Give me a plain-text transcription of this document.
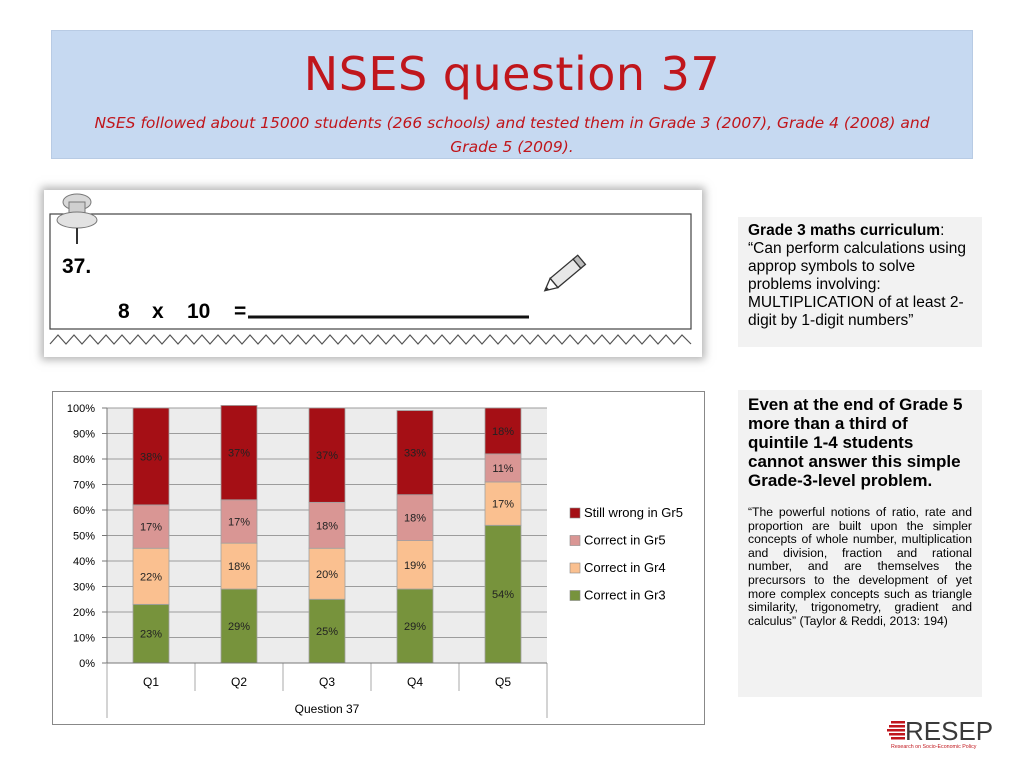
NSES question 37
NSES followed about 15000 students (266 schools) and tested them in Grade 3 (2007), Grade 4 (2008) and Grade 5 (2009).
37.
8 x 10 =
Grade 3 maths curriculum:
“Can perform calculations using approp symbols to solve problems involving: MULTIPLICATION of at least 2-digit by 1-digit numbers”
Even at the end of Grade 5 more than a third of quintile 1-4 students cannot answer this simple Grade-3-level problem.
“The powerful notions of ratio, rate and proportion are built upon the simpler concepts of whole number, multiplication and division, fraction and rational number, and are themselves the precursors to the development of yet more complex concepts such as triangle similarity, trigonometry, gradient and calculus” (Taylor & Reddi, 2013: 194)
0%
10%
20%
30%
40%
50%
60%
70%
80%
90%
100%
23%
22%
17%
38%
Q1
29%
18%
17%
37%
Q2
25%
20%
18%
37%
Q3
29%
19%
18%
33%
Q4
54%
17%
11%
18%
Q5
Question 37
Still wrong in Gr5
Correct in Gr5
Correct in Gr4
Correct in Gr3
RESEP
Research on Socio-Economic Policy
